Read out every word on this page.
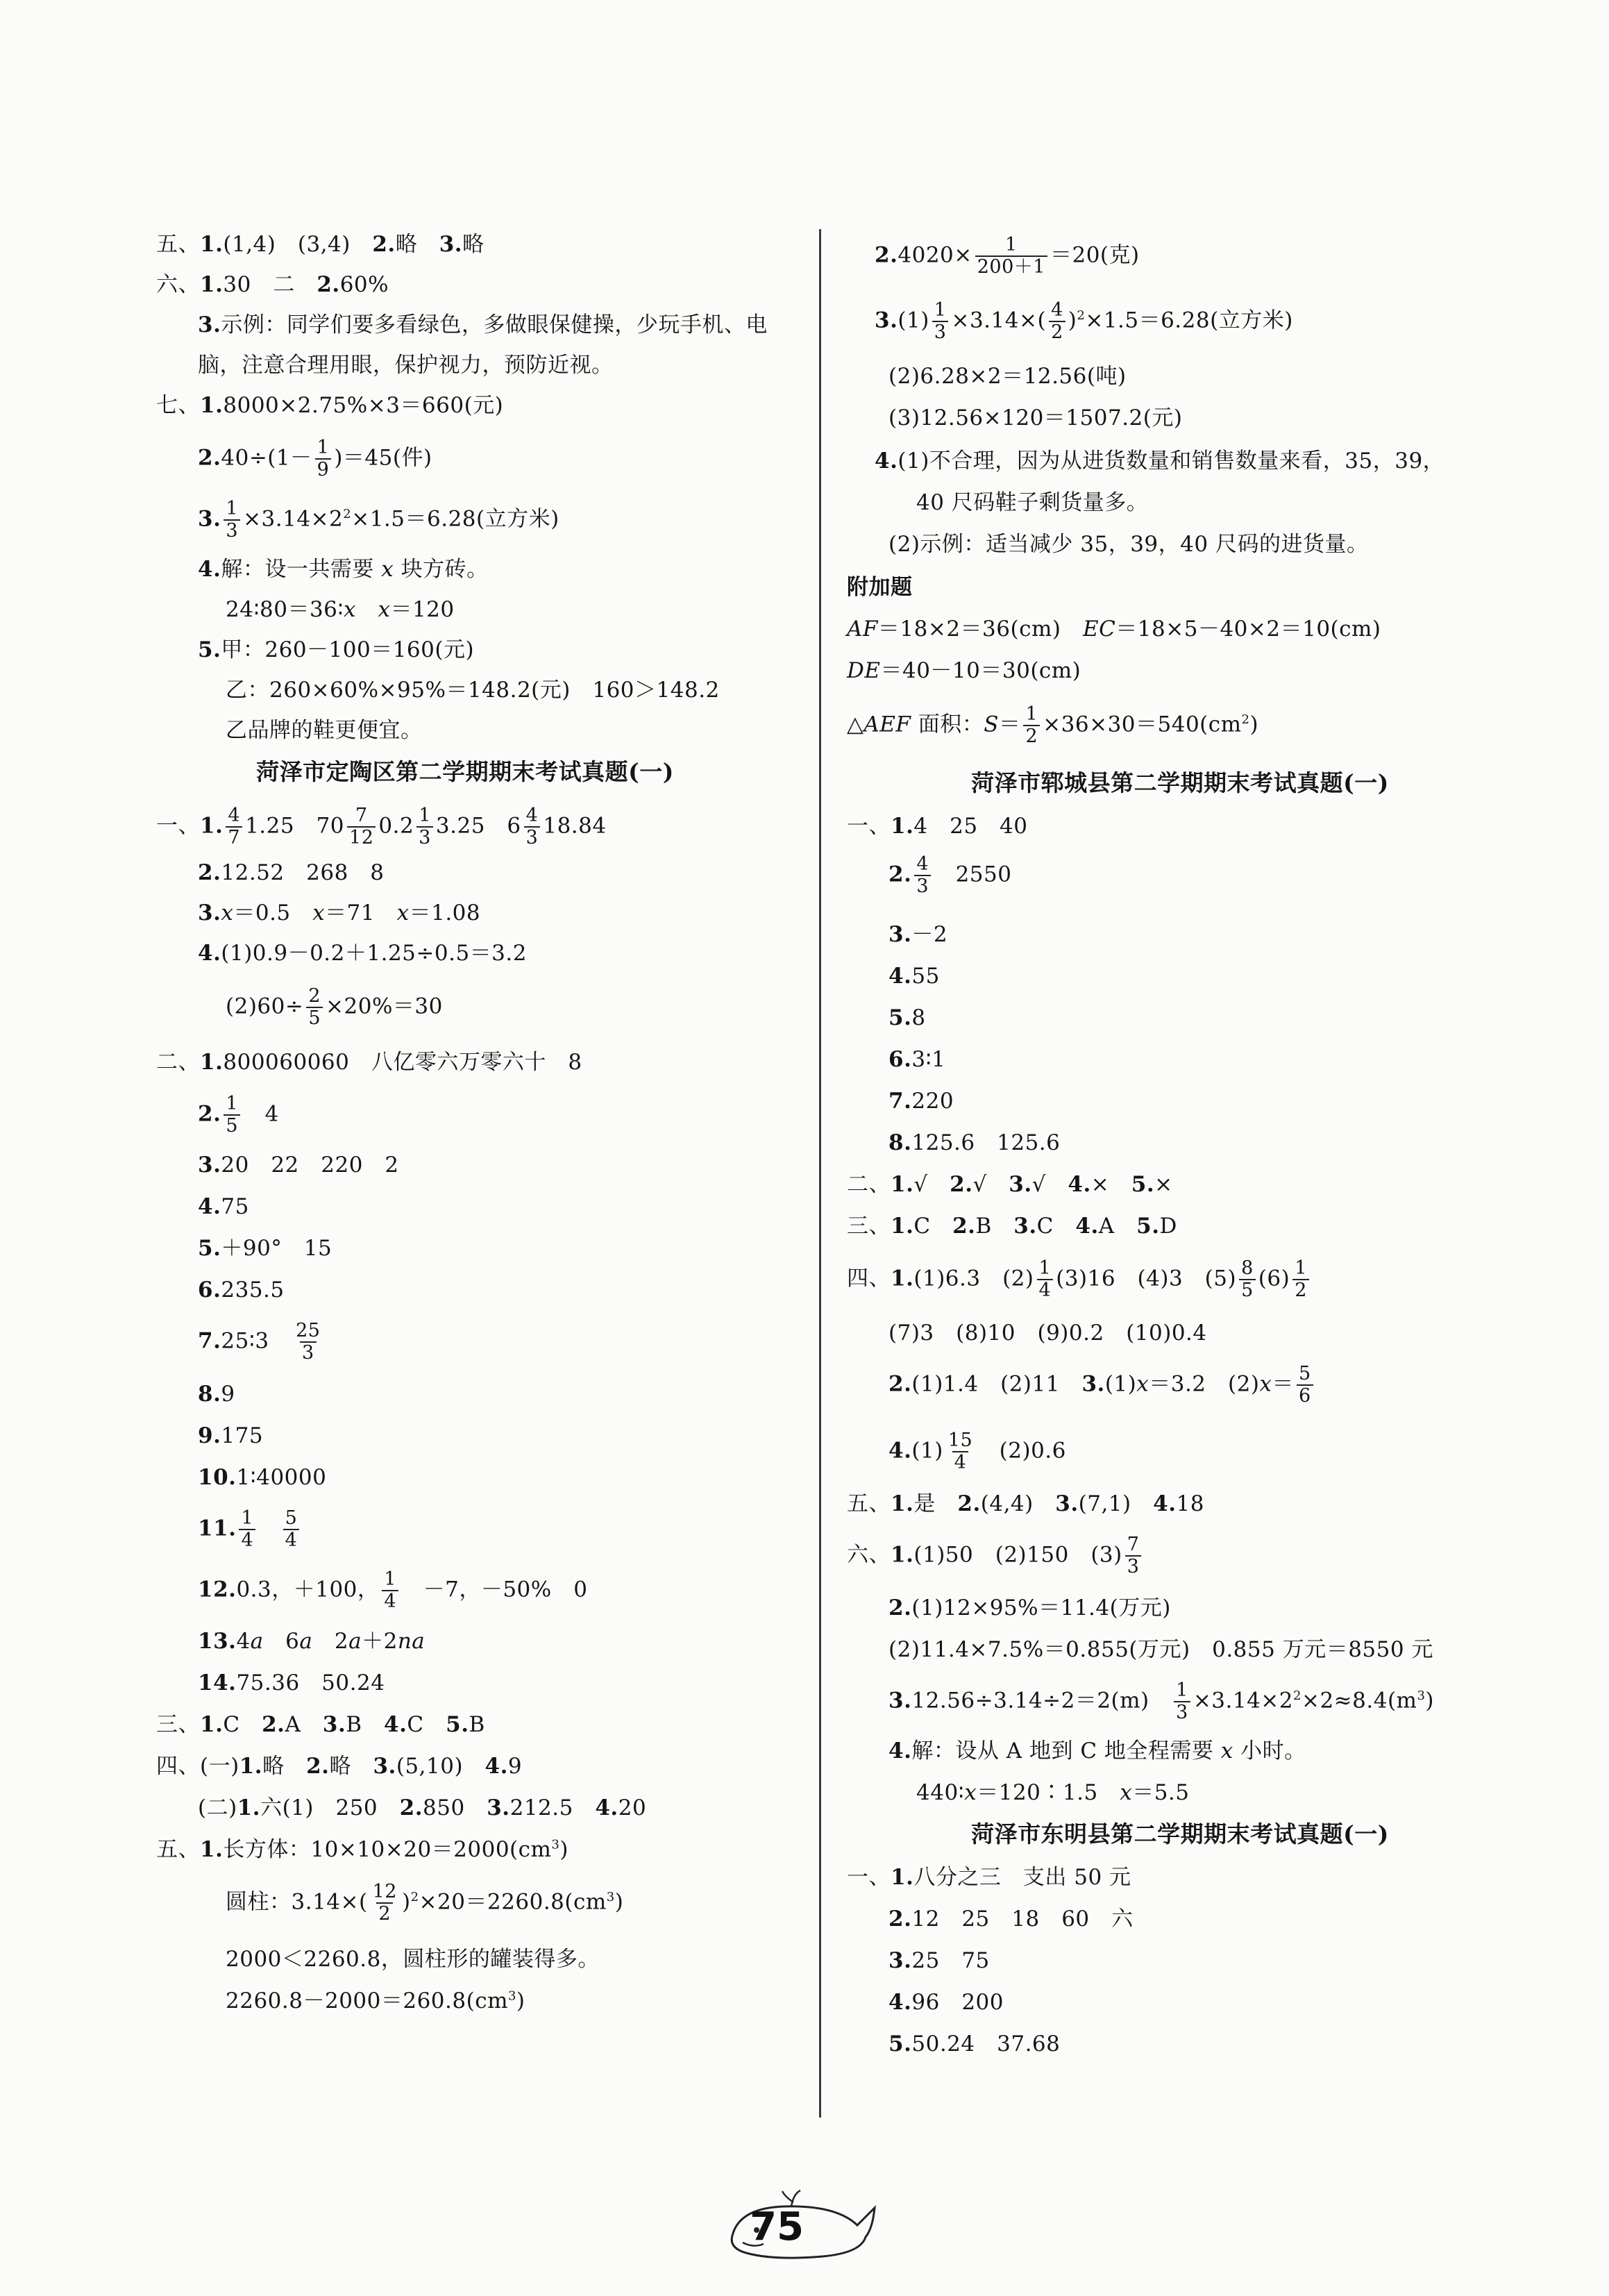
五、1.(1,4)　(3,4)　2.略　3.略
六、1.30　二　2.60%
3.示例：同学们要多看绿色，多做眼保健操，少玩手机、电
脑，注意合理用眼，保护视力，预防近视。
七、1.8000×2.75%×3＝660(元)
$2.40\div(1- \frac{1}{9} )=45$(件)
3. $\frac{1}{3} \times 3.14\times 2^2\times 1.5=6.28$(立方米)
4.解：设一共需要 x 块方砖。
24∶80＝36∶x　 x＝120
5.甲：260－100＝160(元)
乙：260×60%×95%＝148.2(元)　160＞148.2
乙品牌的鞋更便宜。
菏泽市定陶区第二学期期末考试真题(一)
一、1. $\frac{4}{7} 1.25$　$70 \frac{7}{12} 0.2 \frac{1}{3} 3.25$　$6 \frac{4}{3} 18.84$
2.12.52　268　8
3.x＝0.5　x＝71　x＝1.08
4.(1)0.9－0.2＋1.25÷0.5＝3.2
$(2)60\div \frac{2}{5} \times 20\%=30$
二、1.800060060　八亿零六万零六十　8
2. $\frac{1}{5}$
　 4
3.20　22　220　2
4.75
5.＋90°　15
6.235.5
7.25∶3　 $\frac{25}{3}$
8.9
9.175
10.1∶40000
11. $\frac{1}{4}$
　 $\frac{5}{4}$
12.0.3，＋100， $\frac{1}{4}$ 　－7，－50%　0
13.4a　6a　2a＋2na
14.75.36　50.24
三、1.C　2.A　3.B　4.C　5.B
四、(一)1.略　2.略　3.(5,10)　4.9
(二)1.六(1)　250　2.850　3.212.5　4.20
五、1.长方体：$10\times 10\times 20=2000(cm^3)$
圆柱：$3.14\times( \frac{12}{2} )^2\times 20=2260.8(cm^3)$
2000＜2260.8，圆柱形的罐装得多。
$2260.8-2000=260.8(cm^3)$
$2.4020\times \frac{1}{200+1} =20$(克)
$3.(1) \frac{1}{3} \times 3.14\times( \frac{4}{2} )^2\times 1.5=6.28$(立方米)
(2)6.28×2＝12.56(吨)
(3)12.56×120＝1507.2(元)
4.(1)不合理，因为从进货数量和销售数量来看，35，39，
40 尺码鞋子剩货量多。
(2)示例：适当减少 35，39，40 尺码的进货量。
附加题
AF＝18×2＝36(cm)　EC＝18×5－40×2＝10(cm)
DE＝40－10＝30(cm)
△AEF 面积：$S= \frac{1}{2} \times 36\times 30=540(cm^2)$
菏泽市郓城县第二学期期末考试真题(一)
一、1.4　25　40
2. $\frac{4}{3}$
　 2550
3.－2
4.55
5.8
6.3∶1
7.220
8.125.6　125.6
二、1.√　2.√　3.√　4.×　5.×
三、1.C　2.B　3.C　4.A　5.D
四、1.(1)6.3　$(2) \frac{1}{4} (3)16$　(4)3　$(5) \frac{8}{5} (6) \frac{1}{2}$
(7)3　(8)10　(9)0.2　(10)0.4
2.(1)1.4　(2)11　3.(1)x＝3.2　$(2)x= \frac{5}{6}$
$4.(1) \frac{15}{4}$
　 (2)0.6
五、1.是　2.(4,4)　3.(7,1)　4.18
六、1.(1)50　(2)150　$(3) \frac{7}{3}$
2.(1)12×95%＝11.4(万元)
(2)11.4×7.5%＝0.855(万元)　0.855 万元＝8550 元
3.12.56÷3.14÷2＝2(m)　 $\frac{1}{3} \times 3.14\times 2^2\times 2\approx 8.4(m^3)$
4.解：设从 A 地到 C 地全程需要 x 小时。
440∶x＝120∶1.5　x＝5.5
菏泽市东明县第二学期期末考试真题(一)
一、1.八分之三　支出 50 元
2.12　25　18　60　六
3.25　75
4.96　200
5.50.24　37.68
75
